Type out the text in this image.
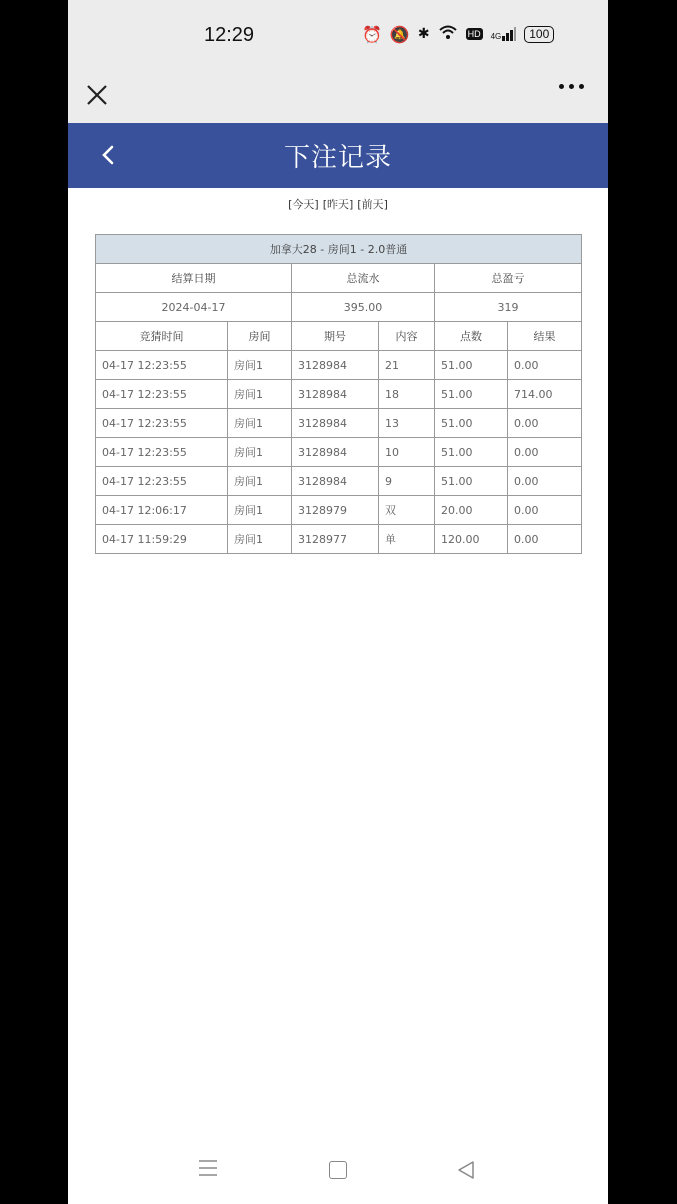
12:29	⏰ 🔕 ✱	HD 4G	100
下注记录
[今天] [昨天] [前天]
加拿大28 - 房间1 - 2.0普通					
结算日期		总流水		总盈亏	
2024-04-17		395.00		319	
竞猜时间	房间	期号	内容	点数	结果
04-17 12:23:55	房间1	3128984	21	51.00	0.00
04-17 12:23:55	房间1	3128984	18	51.00	714.00
04-17 12:23:55	房间1	3128984	13	51.00	0.00
04-17 12:23:55	房间1	3128984	10	51.00	0.00
04-17 12:23:55	房间1	3128984	9	51.00	0.00
04-17 12:06:17	房间1	3128979	双	20.00	0.00
04-17 11:59:29	房间1	3128977	单	120.00	0.00
